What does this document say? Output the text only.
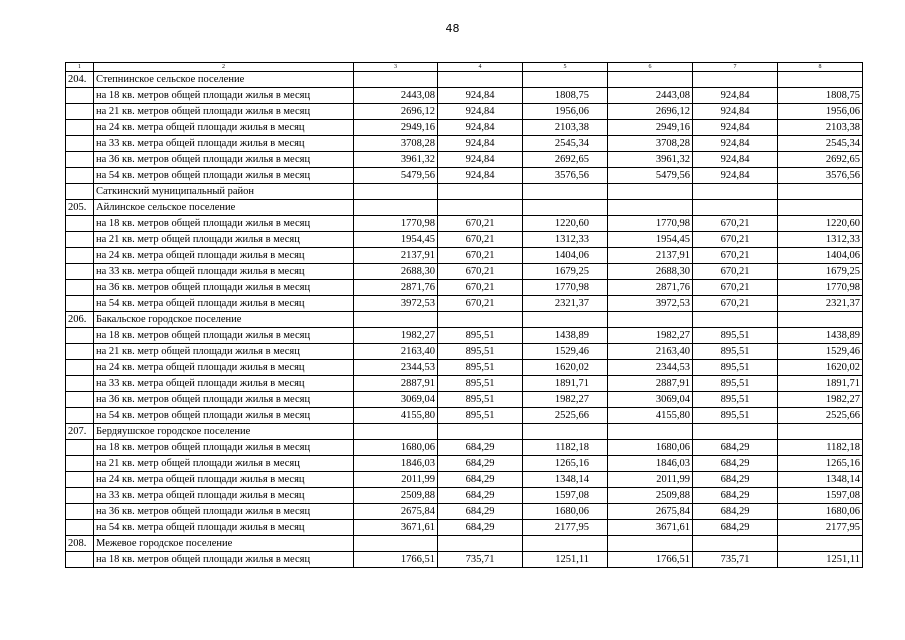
48
1	2	3	4	5	6	7	8
204.	Степнинское сельское поселение						
	на 18 кв. метров общей площади жилья в месяц	2443,08	924,84	1808,75	2443,08	924,84	1808,75
	на 21 кв. метров общей площади жилья в месяц	2696,12	924,84	1956,06	2696,12	924,84	1956,06
	на 24 кв. метра общей площади жилья в месяц	2949,16	924,84	2103,38	2949,16	924,84	2103,38
	на 33 кв. метра общей площади жилья в месяц	3708,28	924,84	2545,34	3708,28	924,84	2545,34
	на 36 кв. метров общей площади жилья в месяц	3961,32	924,84	2692,65	3961,32	924,84	2692,65
	на 54 кв. метров общей площади жилья в месяц	5479,56	924,84	3576,56	5479,56	924,84	3576,56
	Саткинский муниципальный район						
205.	Айлинское сельское поселение						
	на 18 кв. метров общей площади жилья в месяц	1770,98	670,21	1220,60	1770,98	670,21	1220,60
	на 21 кв. метр общей площади жилья в месяц	1954,45	670,21	1312,33	1954,45	670,21	1312,33
	на 24 кв. метра общей площади жилья в месяц	2137,91	670,21	1404,06	2137,91	670,21	1404,06
	на 33 кв. метра общей площади жилья в месяц	2688,30	670,21	1679,25	2688,30	670,21	1679,25
	на 36 кв. метров общей площади жилья в месяц	2871,76	670,21	1770,98	2871,76	670,21	1770,98
	на 54 кв. метра общей площади жилья в месяц	3972,53	670,21	2321,37	3972,53	670,21	2321,37
206.	Бакальское городское поселение						
	на 18 кв. метров общей площади жилья в месяц	1982,27	895,51	1438,89	1982,27	895,51	1438,89
	на 21 кв. метр общей площади жилья в месяц	2163,40	895,51	1529,46	2163,40	895,51	1529,46
	на 24 кв. метра общей площади жилья в месяц	2344,53	895,51	1620,02	2344,53	895,51	1620,02
	на 33 кв. метра общей площади жилья в месяц	2887,91	895,51	1891,71	2887,91	895,51	1891,71
	на 36 кв. метров общей площади жилья в месяц	3069,04	895,51	1982,27	3069,04	895,51	1982,27
	на 54 кв. метров общей площади жилья в месяц	4155,80	895,51	2525,66	4155,80	895,51	2525,66
207.	Бердяушское городское поселение						
	на 18 кв. метров общей площади жилья в месяц	1680,06	684,29	1182,18	1680,06	684,29	1182,18
	на 21 кв. метр общей площади жилья в месяц	1846,03	684,29	1265,16	1846,03	684,29	1265,16
	на 24 кв. метра общей площади жилья в месяц	2011,99	684,29	1348,14	2011,99	684,29	1348,14
	на 33 кв. метра общей площади жилья в месяц	2509,88	684,29	1597,08	2509,88	684,29	1597,08
	на 36 кв. метров общей площади жилья в месяц	2675,84	684,29	1680,06	2675,84	684,29	1680,06
	на 54 кв. метра общей площади жилья в месяц	3671,61	684,29	2177,95	3671,61	684,29	2177,95
208.	Межевое городское поселение						
	на 18 кв. метров общей площади жилья в месяц	1766,51	735,71	1251,11	1766,51	735,71	1251,11
